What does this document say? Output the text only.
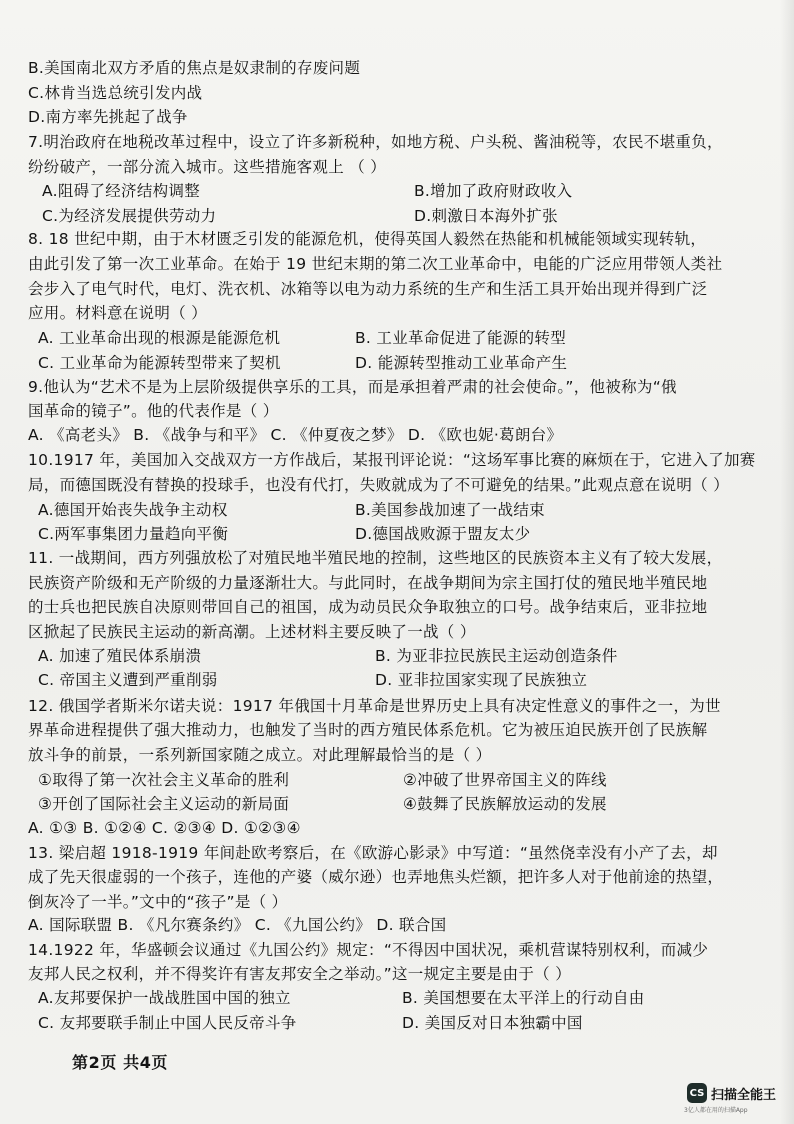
B.美国南北双方矛盾的焦点是奴隶制的存废问题
C.林肯当选总统引发内战
D.南方率先挑起了战争
7.明治政府在地税改革过程中，设立了许多新税种，如地方税、户头税、酱油税等，农民不堪重负，
纷纷破产，一部分流入城市。这些措施客观上 （ ）
8. 18 世纪中期，由于木材匮乏引发的能源危机，使得英国人毅然在热能和机械能领域实现转轨，
由此引发了第一次工业革命。在始于 19 世纪末期的第二次工业革命中，电能的广泛应用带领人类社
会步入了电气时代，电灯、洗衣机、冰箱等以电为动力系统的生产和生活工具开始出现并得到广泛
应用。材料意在说明（ ）
9.他认为“艺术不是为上层阶级提供享乐的工具，而是承担着严肃的社会使命。”，他被称为“俄
国革命的镜子”。他的代表作是（ ）
A. 《高老头》 B. 《战争与和平》 C. 《仲夏夜之梦》 D. 《欧也妮·葛朗台》
10.1917 年，美国加入交战双方一方作战后，某报刊评论说：“这场军事比赛的麻烦在于，它进入了加赛
局，而德国既没有替换的投球手，也没有代打，失败就成为了不可避免的结果。”此观点意在说明（ ）
11. 一战期间，西方列强放松了对殖民地半殖民地的控制，这些地区的民族资本主义有了较大发展，
民族资产阶级和无产阶级的力量逐渐壮大。与此同时，在战争期间为宗主国打仗的殖民地半殖民地
的士兵也把民族自决原则带回自己的祖国，成为动员民众争取独立的口号。战争结束后，亚非拉地
区掀起了民族民主运动的新高潮。上述材料主要反映了一战（ ）
12. 俄国学者斯米尔诺夫说：1917 年俄国十月革命是世界历史上具有决定性意义的事件之一，为世
界革命进程提供了强大推动力，也触发了当时的西方殖民体系危机。它为被压迫民族开创了民族解
放斗争的前景，一系列新国家随之成立。对此理解最恰当的是（ ）
A. ①③ B. ①②④ C. ②③④ D. ①②③④
13. 梁启超 1918-1919 年间赴欧考察后，在《欧游心影录》中写道：“虽然侥幸没有小产了去，却
成了先天很虚弱的一个孩子，连他的产婆（威尔逊）也弄地焦头烂额，把许多人对于他前途的热望，
倒灰冷了一半。”文中的“孩子”是（ ）
A. 国际联盟 B. 《凡尔赛条约》 C. 《九国公约》 D. 联合国
14.1922 年，华盛顿会议通过《九国公约》规定：“不得因中国状况，乘机营谋特别权利，而减少
友邦人民之权利，并不得奖许有害友邦安全之举动。”这一规定主要是由于（ ）
A.阻碍了经济结构调整	B.增加了政府财政收入
C.为经济发展提供劳动力	D.刺激日本海外扩张
A. 工业革命出现的根源是能源危机	B. 工业革命促进了能源的转型
C. 工业革命为能源转型带来了契机	D. 能源转型推动工业革命产生
A.德国开始丧失战争主动权	B.美国参战加速了一战结束
C.两军事集团力量趋向平衡	D.德国战败源于盟友太少
A. 加速了殖民体系崩溃	B. 为亚非拉民族民主运动创造条件
C. 帝国主义遭到严重削弱	D. 亚非拉国家实现了民族独立
①取得了第一次社会主义革命的胜利	②冲破了世界帝国主义的阵线
③开创了国际社会主义运动的新局面	④鼓舞了民族解放运动的发展
A.友邦要保护一战战胜国中国的独立	B. 美国想要在太平洋上的行动自由
C. 友邦要联手制止中国人民反帝斗争	D. 美国反对日本独霸中国
第2页 共4页
CS 扫描全能王
3亿人都在用的扫描App
